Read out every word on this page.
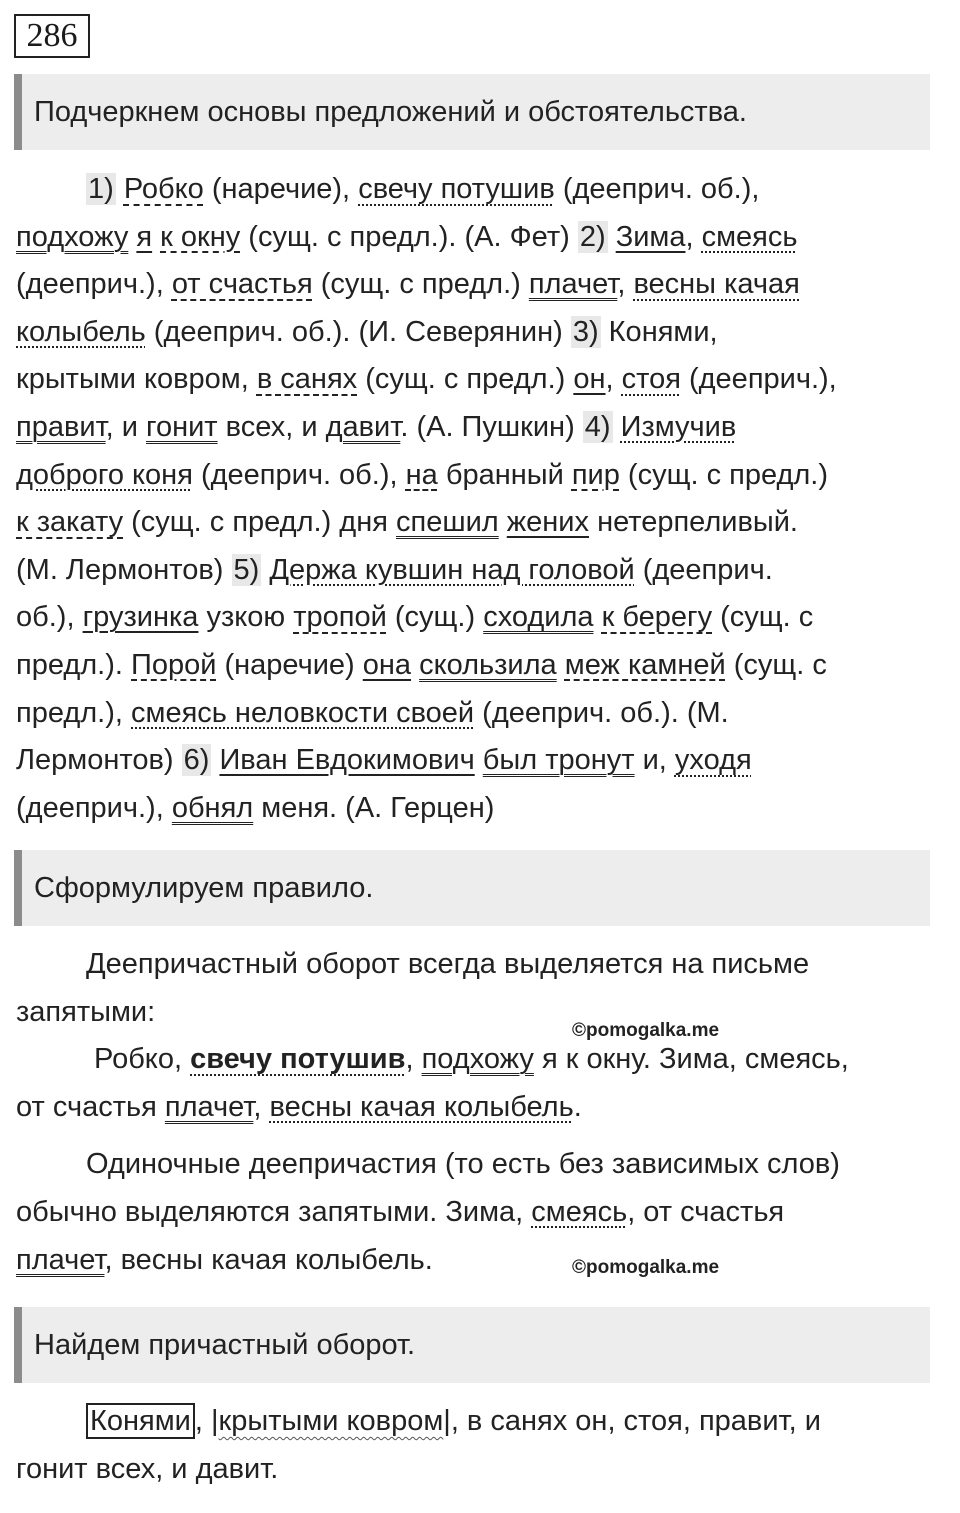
286
Подчеркнем основы предложений и обстоятельства.
1) Робко (наречие), свечу потушив (дееприч. об.),
подхожу я к окну (сущ. с предл.). (А. Фет) 2) Зима, смеясь
(дееприч.), от счастья (сущ. с предл.) плачет, весны качая
колыбель (дееприч. об.). (И. Северянин) 3) Конями,
крытыми ковром, в санях (сущ. с предл.) он, стоя (дееприч.),
правит, и гонит всех, и давит. (А. Пушкин) 4) Измучив
доброго коня (дееприч. об.), на бранный пир (сущ. с предл.)
к закату (сущ. с предл.) дня спешил жених нетерпеливый.
(М. Лермонтов) 5) Держа кувшин над головой (дееприч.
об.), грузинка узкою тропой (сущ.) сходила к берегу (сущ. с
предл.). Порой (наречие) она скользила меж камней (сущ. с
предл.), смеясь неловкости своей (дееприч. об.). (М.
Лермонтов) 6) Иван Евдокимович был тронут и, уходя
(дееприч.), обнял меня. (А. Герцен)
Сформулируем правило.
Деепричастный оборот всегда выделяется на письме
запятыми:
Робко, свечу потушив, подхожу я к окну. Зима, смеясь,
от счастья плачет, весны качая колыбель.
Одиночные деепричастия (то есть без зависимых слов)
обычно выделяются запятыми. Зима, смеясь, от счастья
плачет, весны качая колыбель.
©pomogalka.me
©pomogalka.me
Найдем причастный оборот.
Конями , |крытыми ковром|, в санях он, стоя, правит, и
гонит всех, и давит.
